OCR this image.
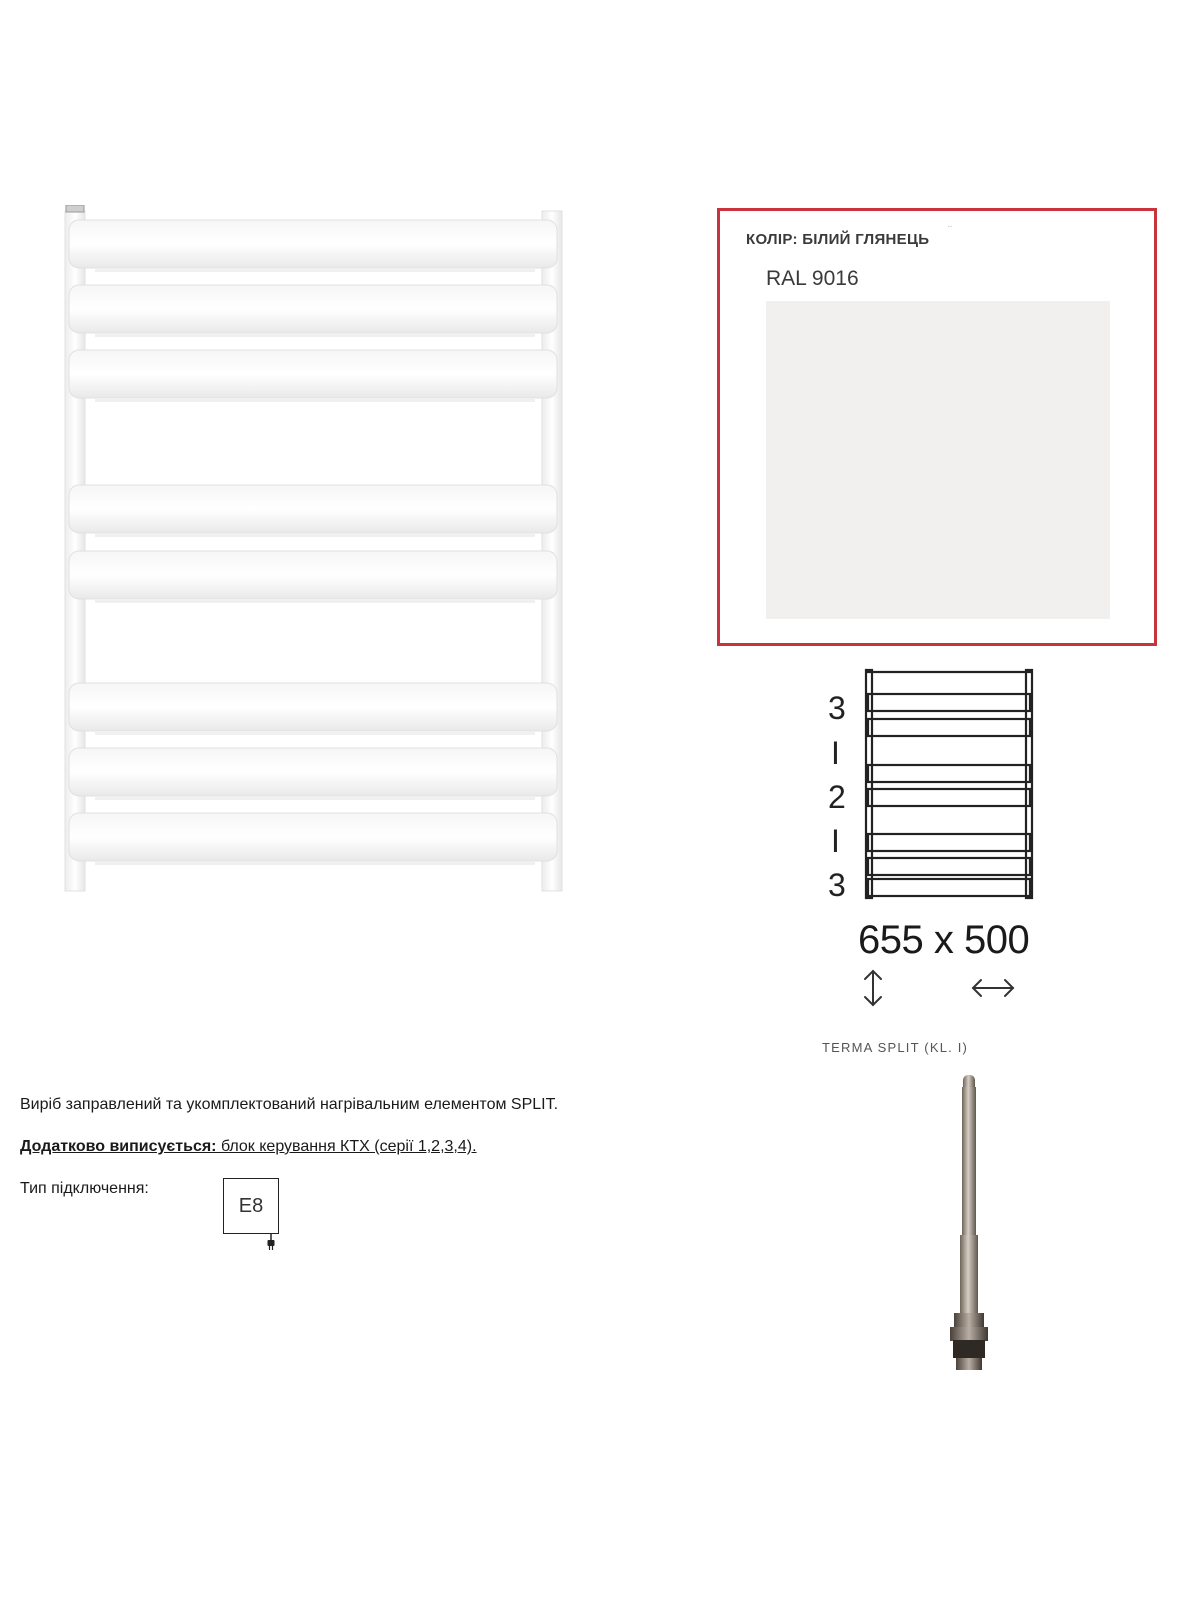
КОЛІР: БІЛИЙ ГЛЯНЕЦЬ
¨
RAL 9016
3
I
2
I
3
655 x 500
TERMA SPLIT (KL. I)
Виріб заправлений та укомплектований нагрівальним елементом SPLIT.
Додатково виписується: блок керування КТХ (серії 1,2,3,4).
Тип підключення:
E8
